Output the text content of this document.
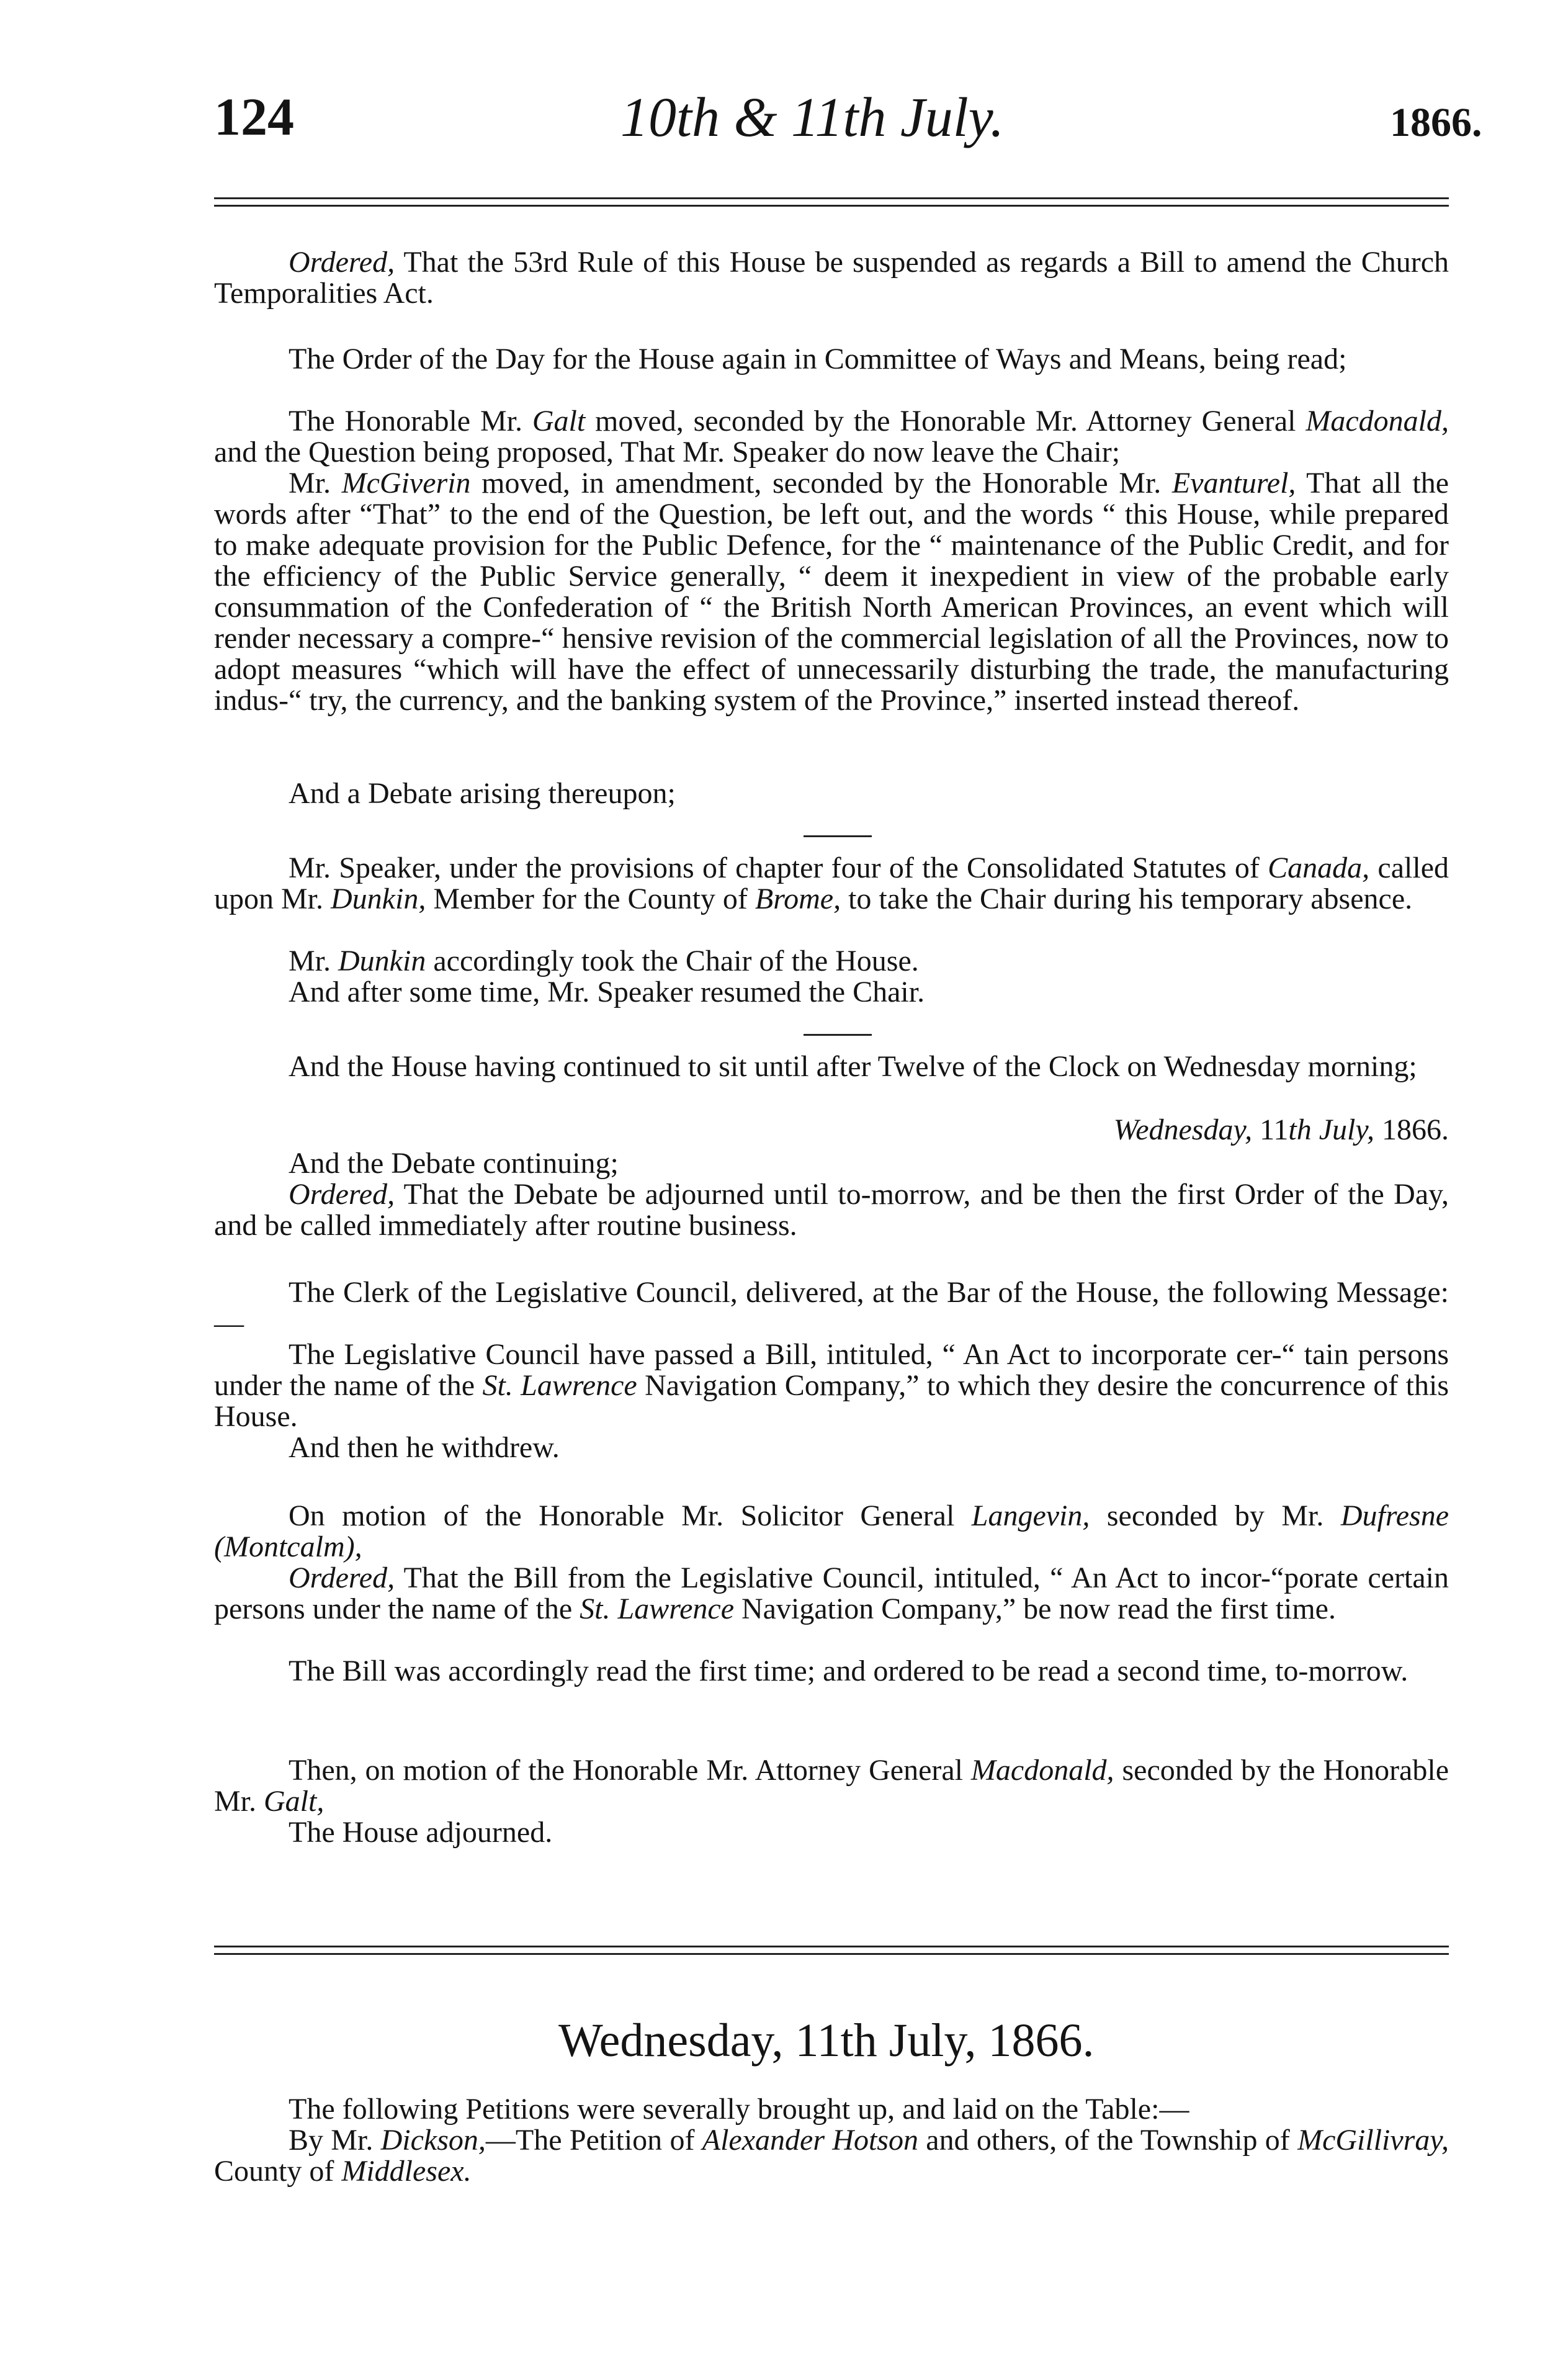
124	10th & 11th July.	1866.

Ordered, That the 53rd Rule of this House be suspended as regards a Bill to amend the Church Temporalities Act.

The Order of the Day for the House again in Committee of Ways and Means, being read;

The Honorable Mr. Galt moved, seconded by the Honorable Mr. Attorney General Macdonald, and the Question being proposed, That Mr. Speaker do now leave the Chair;

Mr. McGiverin moved, in amendment, seconded by the Honorable Mr. Evanturel, That all the words after “That” to the end of the Question, be left out, and the words “ this House, while prepared to make adequate provision for the Public Defence, for the “ maintenance of the Public Credit, and for the efficiency of the Public Service generally, “ deem it inexpedient in view of the probable early consummation of the Confederation of “ the British North American Provinces, an event which will render necessary a compre-“ hensive revision of the commercial legislation of all the Provinces, now to adopt measures “which will have the effect of unnecessarily disturbing the trade, the manufacturing indus-“ try, the currency, and the banking system of the Province,” inserted instead thereof.

And a Debate arising thereupon;

Mr. Speaker, under the provisions of chapter four of the Consolidated Statutes of Canada, called upon Mr. Dunkin, Member for the County of Brome, to take the Chair during his temporary absence.

Mr. Dunkin accordingly took the Chair of the House.

And after some time, Mr. Speaker resumed the Chair.

And the House having continued to sit until after Twelve of the Clock on Wednesday morning;

Wednesday, 11th July, 1866.

And the Debate continuing;

Ordered, That the Debate be adjourned until to-morrow, and be then the first Order of the Day, and be called immediately after routine business.

The Clerk of the Legislative Council, delivered, at the Bar of the House, the following Message:—

The Legislative Council have passed a Bill, intituled, “ An Act to incorporate cer-“ tain persons under the name of the St. Lawrence Navigation Company,” to which they desire the concurrence of this House.

And then he withdrew.

On motion of the Honorable Mr. Solicitor General Langevin, seconded by Mr. Dufresne (Montcalm),

Ordered, That the Bill from the Legislative Council, intituled, “ An Act to incor-“porate certain persons under the name of the St. Lawrence Navigation Company,” be now read the first time.

The Bill was accordingly read the first time; and ordered to be read a second time, to-morrow.

Then, on motion of the Honorable Mr. Attorney General Macdonald, seconded by the Honorable Mr. Galt,

The House adjourned.

Wednesday, 11th July, 1866.

The following Petitions were severally brought up, and laid on the Table:—

By Mr. Dickson,—The Petition of Alexander Hotson and others, of the Township of McGillivray, County of Middlesex.
